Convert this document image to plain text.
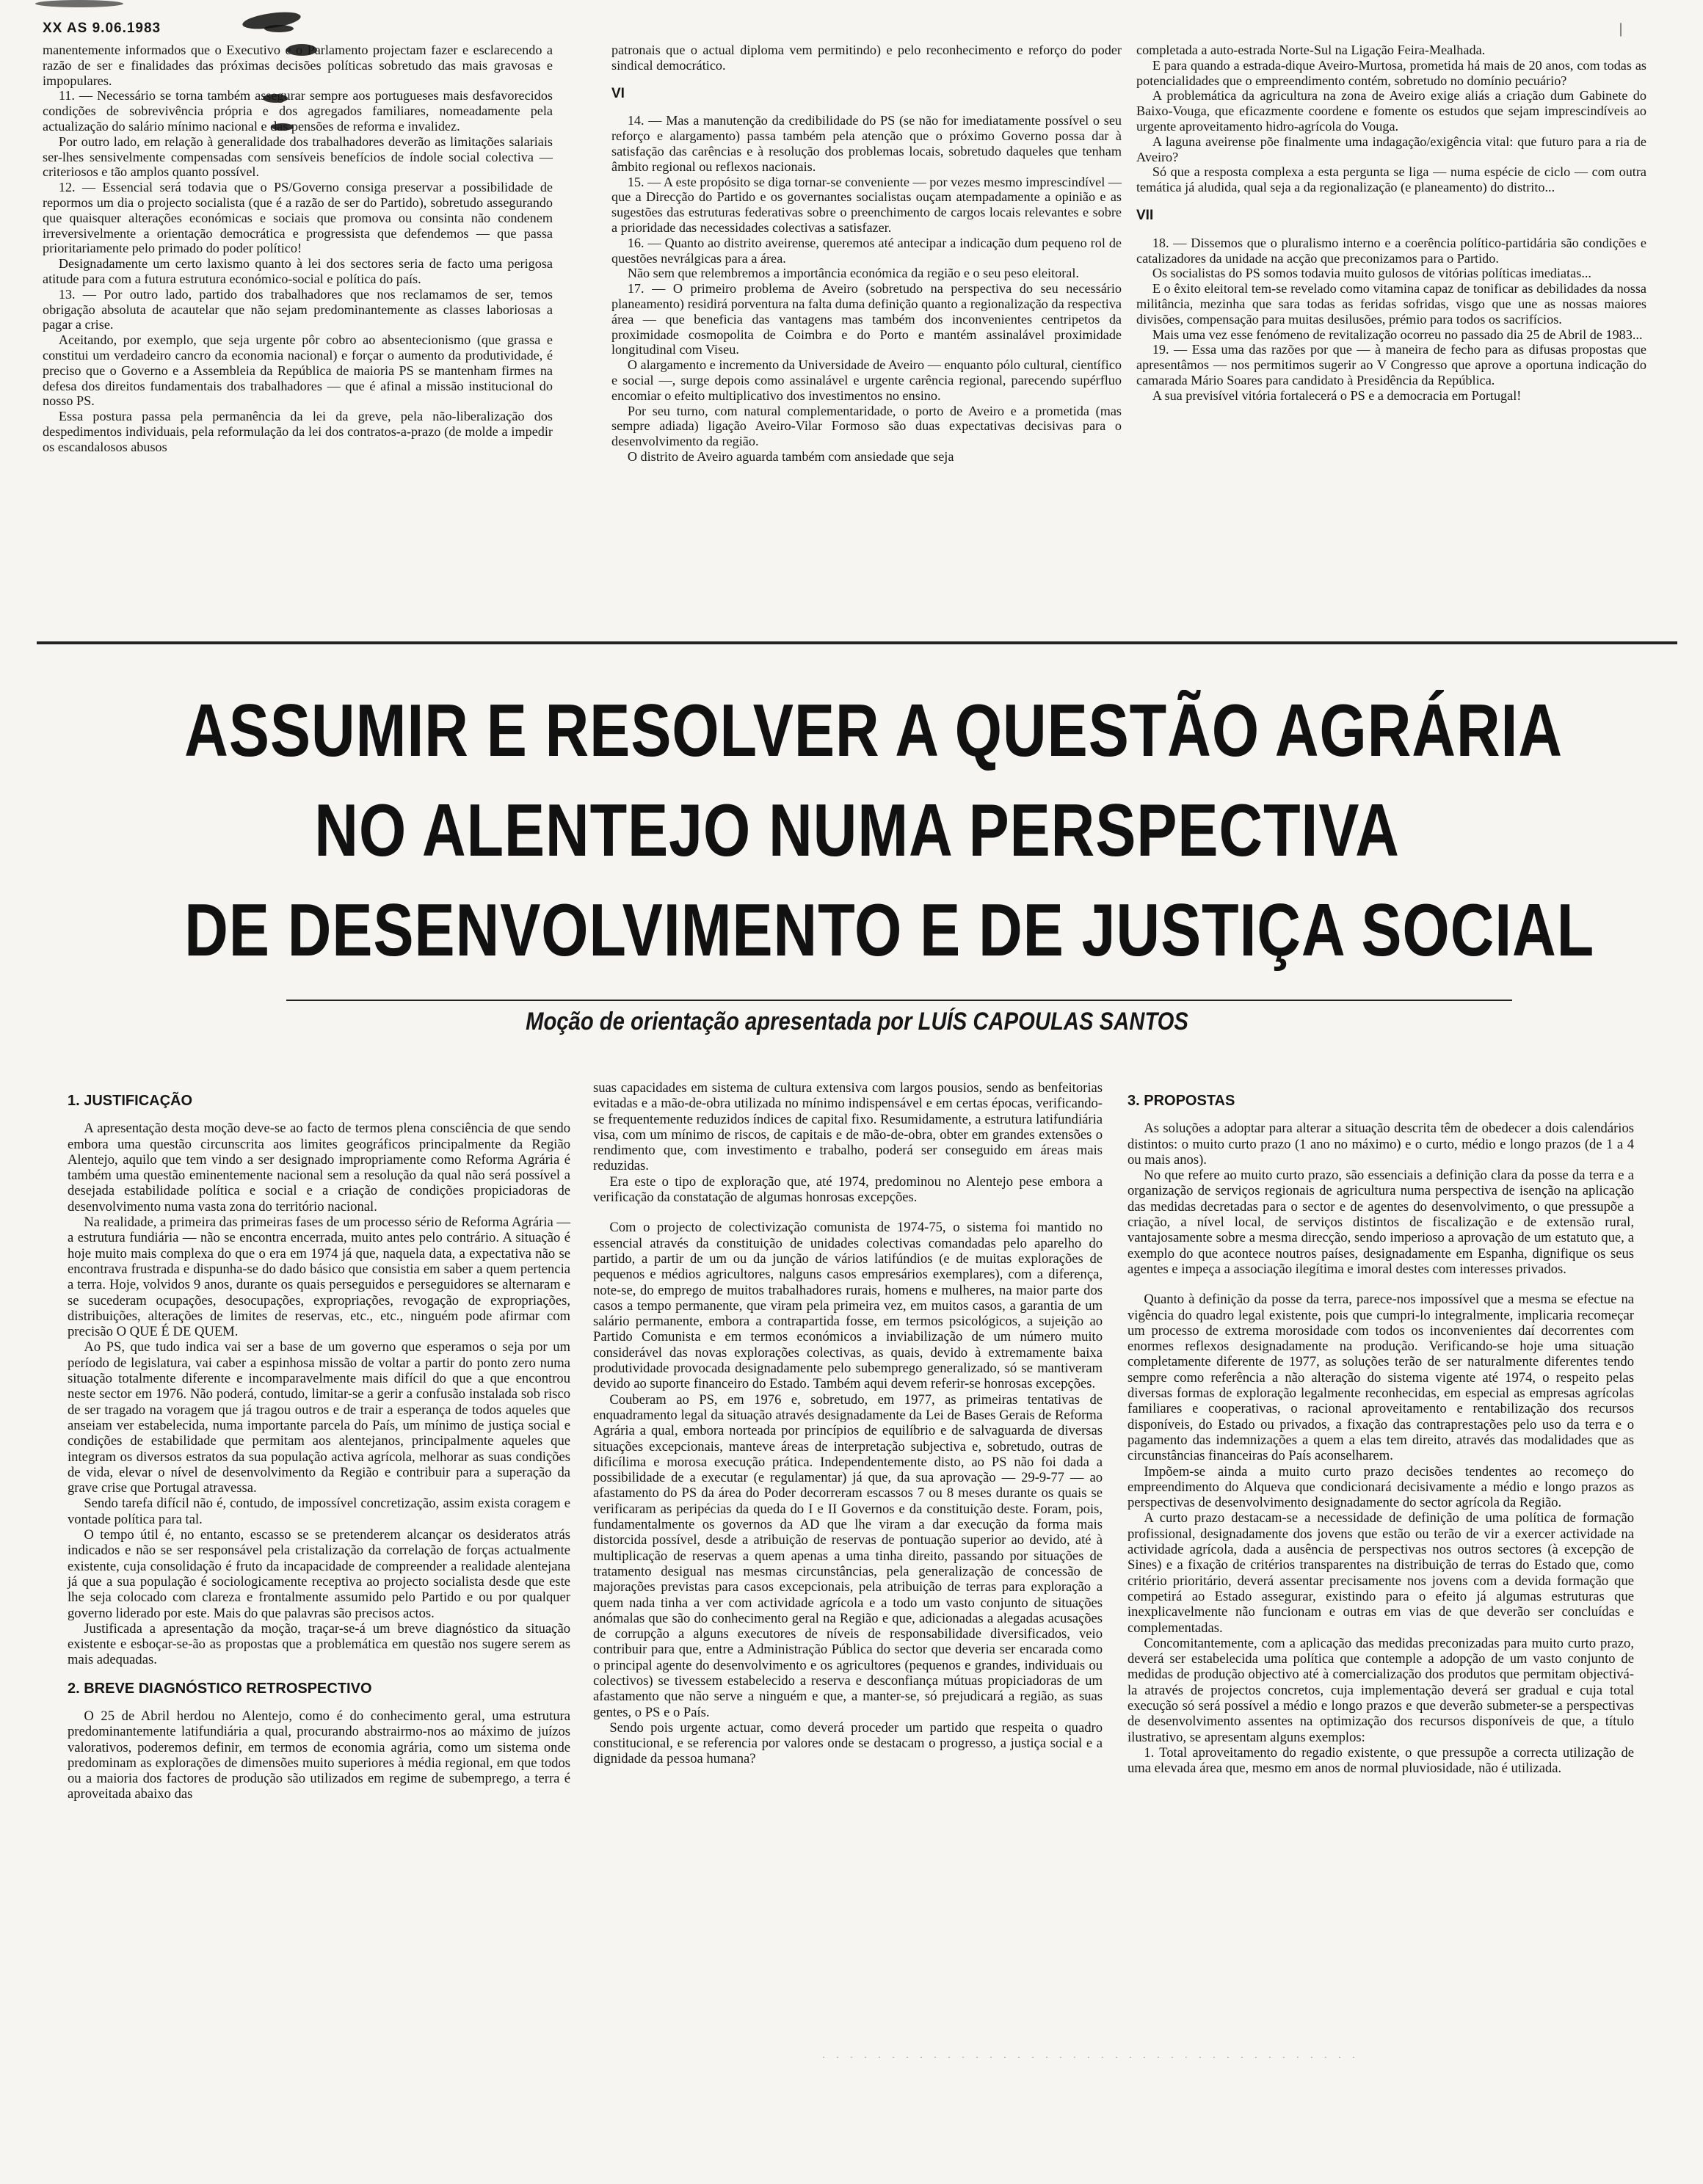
XX AS 9.06.1983	|

manentemente informados que o Executivo e o Parlamento projectam fazer e esclarecendo a razão de ser e finalidades das próximas decisões políticas sobretudo das mais gravosas e impopulares.

11. — Necessário se torna também assegurar sempre aos portugueses mais desfavorecidos condições de sobrevivência própria e dos agregados familiares, nomeadamente pela actualização do salário mínimo nacional e das pensões de reforma e invalidez.

Por outro lado, em relação à generalidade dos trabalhadores deverão as limitações salariais ser-lhes sensivelmente compensadas com sensíveis benefícios de índole social colectiva — criteriosos e tão amplos quanto possível.

12. — Essencial será todavia que o PS/Governo consiga preservar a possibilidade de repormos um dia o projecto socialista (que é a razão de ser do Partido), sobretudo assegurando que quaisquer alterações económicas e sociais que promova ou consinta não condenem irreversivelmente a orientação democrática e progressista que defendemos — que passa prioritariamente pelo primado do poder político!

Designadamente um certo laxismo quanto à lei dos sectores seria de facto uma perigosa atitude para com a futura estrutura económico-social e política do país.

13. — Por outro lado, partido dos trabalhadores que nos reclamamos de ser, temos obrigação absoluta de acautelar que não sejam predominantemente as classes laboriosas a pagar a crise.

Aceitando, por exemplo, que seja urgente pôr cobro ao absentecionismo (que grassa e constitui um verdadeiro cancro da economia nacional) e forçar o aumento da produtividade, é preciso que o Governo e a Assembleia da República de maioria PS se mantenham firmes na defesa dos direitos fundamentais dos trabalhadores — que é afinal a missão institucional do nosso PS.

Essa postura passa pela permanência da lei da greve, pela não-liberalização dos despedimentos individuais, pela reformulação da lei dos contratos-a-prazo (de molde a impedir os escandalosos abusos

patronais que o actual diploma vem permitindo) e pelo reconhecimento e reforço do poder sindical democrático.

VI

14. — Mas a manutenção da credibilidade do PS (se não for imediatamente possível o seu reforço e alargamento) passa também pela atenção que o próximo Governo possa dar à satisfação das carências e à resolução dos problemas locais, sobretudo daqueles que tenham âmbito regional ou reflexos nacionais.

15. — A este propósito se diga tornar-se conveniente — por vezes mesmo imprescindível — que a Direcção do Partido e os governantes socialistas ouçam atempadamente a opinião e as sugestões das estruturas federativas sobre o preenchimento de cargos locais relevantes e sobre a prioridade das necessidades colectivas a satisfazer.

16. — Quanto ao distrito aveirense, queremos até antecipar a indicação dum pequeno rol de questões nevrálgicas para a área.

Não sem que relembremos a importância económica da região e o seu peso eleitoral.

17. — O primeiro problema de Aveiro (sobretudo na perspectiva do seu necessário planeamento) residirá porventura na falta duma definição quanto a regionalização da respectiva área — que beneficia das vantagens mas também dos inconvenientes centripetos da proximidade cosmopolita de Coimbra e do Porto e mantém assinalável proximidade longitudinal com Viseu.

O alargamento e incremento da Universidade de Aveiro — enquanto pólo cultural, científico e social —, surge depois como assinalável e urgente carência regional, parecendo supérfluo encomiar o efeito multiplicativo dos investimentos no ensino.

Por seu turno, com natural complementaridade, o porto de Aveiro e a prometida (mas sempre adiada) ligação Aveiro-Vilar Formoso são duas expectativas decisivas para o desenvolvimento da região.

O distrito de Aveiro aguarda também com ansiedade que seja

completada a auto-estrada Norte-Sul na Ligação Feira-Mealhada.

E para quando a estrada-dique Aveiro-Murtosa, prometida há mais de 20 anos, com todas as potencialidades que o empreendimento contém, sobretudo no domínio pecuário?

A problemática da agricultura na zona de Aveiro exige aliás a criação dum Gabinete do Baixo-Vouga, que eficazmente coordene e fomente os estudos que sejam imprescindíveis ao urgente aproveitamento hidro-agrícola do Vouga.

A laguna aveirense põe finalmente uma indagação/exigência vital: que futuro para a ria de Aveiro?

Só que a resposta complexa a esta pergunta se liga — numa espécie de ciclo — com outra temática já aludida, qual seja a da regionalização (e planeamento) do distrito...

VII

18. — Dissemos que o pluralismo interno e a coerência político-partidária são condições e catalizadores da unidade na acção que preconizamos para o Partido.

Os socialistas do PS somos todavia muito gulosos de vitórias políticas imediatas...

E o êxito eleitoral tem-se revelado como vitamina capaz de tonificar as debilidades da nossa militância, mezinha que sara todas as feridas sofridas, visgo que une as nossas maiores divisões, compensação para muitas desilusões, prémio para todos os sacrifícios.

Mais uma vez esse fenómeno de revitalização ocorreu no passado dia 25 de Abril de 1983...

19. — Essa uma das razões por que — à maneira de fecho para as difusas propostas que apresentâmos — nos permitimos sugerir ao V Congresso que aprove a oportuna indicação do camarada Mário Soares para candidato à Presidência da República.

A sua previsível vitória fortalecerá o PS e a democracia em Portugal!

ASSUMIR E RESOLVER A QUESTÃO AGRÁRIA
NO ALENTEJO NUMA PERSPECTIVA
DE DESENVOLVIMENTO E DE JUSTIÇA SOCIAL
Moção de orientação apresentada por LUÍS CAPOULAS SANTOS
1. JUSTIFICAÇÃO

A apresentação desta moção deve-se ao facto de termos plena consciência de que sendo embora uma questão circunscrita aos limites geográficos principalmente da Região Alentejo, aquilo que tem vindo a ser designado impropriamente como Reforma Agrária é também uma questão eminentemente nacional sem a resolução da qual não será possível a desejada estabilidade política e social e a criação de condições propiciadoras de desenvolvimento numa vasta zona do território nacional.

Na realidade, a primeira das primeiras fases de um processo sério de Reforma Agrária — a estrutura fundiária — não se encontra encerrada, muito antes pelo contrário. A situação é hoje muito mais complexa do que o era em 1974 já que, naquela data, a expectativa não se encontrava frustrada e dispunha-se do dado básico que consistia em saber a quem pertencia a terra. Hoje, volvidos 9 anos, durante os quais perseguidos e perseguidores se alternaram e se sucederam ocupações, desocupações, expropriações, revogação de expropriações, distribuições, alterações de limites de reservas, etc., etc., ninguém pode afirmar com precisão O QUE É DE QUEM.

Ao PS, que tudo indica vai ser a base de um governo que esperamos o seja por um período de legislatura, vai caber a espinhosa missão de voltar a partir do ponto zero numa situação totalmente diferente e incomparavelmente mais difícil do que a que encontrou neste sector em 1976. Não poderá, contudo, limitar-se a gerir a confusão instalada sob risco de ser tragado na voragem que já tragou outros e de trair a esperança de todos aqueles que anseiam ver estabelecida, numa importante parcela do País, um mínimo de justiça social e condições de estabilidade que permitam aos alentejanos, principalmente aqueles que integram os diversos estratos da sua população activa agrícola, melhorar as suas condições de vida, elevar o nível de desenvolvimento da Região e contribuir para a superação da grave crise que Portugal atravessa.

Sendo tarefa difícil não é, contudo, de impossível concretização, assim exista coragem e vontade política para tal.

O tempo útil é, no entanto, escasso se se pretenderem alcançar os desideratos atrás indicados e não se ser responsável pela cristalização da correlação de forças actualmente existente, cuja consolidação é fruto da incapacidade de compreender a realidade alentejana já que a sua população é sociologicamente receptiva ao projecto socialista desde que este lhe seja colocado com clareza e frontalmente assumido pelo Partido e ou por qualquer governo liderado por este. Mais do que palavras são precisos actos.

Justificada a apresentação da moção, traçar-se-á um breve diagnóstico da situação existente e esboçar-se-ão as propostas que a problemática em questão nos sugere serem as mais adequadas.

2. BREVE DIAGNÓSTICO RETROSPECTIVO

O 25 de Abril herdou no Alentejo, como é do conhecimento geral, uma estrutura predominantemente latifundiária a qual, procurando abstrairmo-nos ao máximo de juízos valorativos, poderemos definir, em termos de economia agrária, como um sistema onde predominam as explorações de dimensões muito superiores à média regional, em que todos ou a maioria dos factores de produção são utilizados em regime de subemprego, a terra é aproveitada abaixo das

suas capacidades em sistema de cultura extensiva com largos pousios, sendo as benfeitorias evitadas e a mão-de-obra utilizada no mínimo indispensável e em certas épocas, verificando-se frequentemente reduzidos índices de capital fixo. Resumidamente, a estrutura latifundiária visa, com um mínimo de riscos, de capitais e de mão-de-obra, obter em grandes extensões o rendimento que, com investimento e trabalho, poderá ser conseguido em áreas mais reduzidas.

Era este o tipo de exploração que, até 1974, predominou no Alentejo pese embora a verificação da constatação de algumas honrosas excepções.

Com o projecto de colectivização comunista de 1974-75, o sistema foi mantido no essencial através da constituição de unidades colectivas comandadas pelo aparelho do partido, a partir de um ou da junção de vários latifúndios (e de muitas explorações de pequenos e médios agricultores, nalguns casos empresários exemplares), com a diferença, note-se, do emprego de muitos trabalhadores rurais, homens e mulheres, na maior parte dos casos a tempo permanente, que viram pela primeira vez, em muitos casos, a garantia de um salário permanente, embora a contrapartida fosse, em termos psicológicos, a sujeição ao Partido Comunista e em termos económicos a inviabilização de um número muito considerável das novas explorações colectivas, as quais, devido à extremamente baixa produtividade provocada designadamente pelo subemprego generalizado, só se mantiveram devido ao suporte financeiro do Estado. Também aqui devem referir-se honrosas excepções.

Couberam ao PS, em 1976 e, sobretudo, em 1977, as primeiras tentativas de enquadramento legal da situação através designadamente da Lei de Bases Gerais de Reforma Agrária a qual, embora norteada por princípios de equilíbrio e de salvaguarda de diversas situações excepcionais, manteve áreas de interpretação subjectiva e, sobretudo, outras de dificílima e morosa execução prática. Independentemente disto, ao PS não foi dada a possibilidade de a executar (e regulamentar) já que, da sua aprovação — 29-9-77 — ao afastamento do PS da área do Poder decorreram escassos 7 ou 8 meses durante os quais se verificaram as peripécias da queda do I e II Governos e da constituição deste. Foram, pois, fundamentalmente os governos da AD que lhe viram a dar execução da forma mais distorcida possível, desde a atribuição de reservas de pontuação superior ao devido, até à multiplicação de reservas a quem apenas a uma tinha direito, passando por situações de tratamento desigual nas mesmas circunstâncias, pela generalização de concessão de majorações previstas para casos excepcionais, pela atribuição de terras para exploração a quem nada tinha a ver com actividade agrícola e a todo um vasto conjunto de situações anómalas que são do conhecimento geral na Região e que, adicionadas a alegadas acusações de corrupção a alguns executores de níveis de responsabilidade diversificados, veio contribuir para que, entre a Administração Pública do sector que deveria ser encarada como o principal agente do desenvolvimento e os agricultores (pequenos e grandes, individuais ou colectivos) se tivessem estabelecido a reserva e desconfiança mútuas propiciadoras de um afastamento que não serve a ninguém e que, a manter-se, só prejudicará a região, as suas gentes, o PS e o País.

Sendo pois urgente actuar, como deverá proceder um partido que respeita o quadro constitucional, e se referencia por valores onde se destacam o progresso, a justiça social e a dignidade da pessoa humana?

3. PROPOSTAS

As soluções a adoptar para alterar a situação descrita têm de obedecer a dois calendários distintos: o muito curto prazo (1 ano no máximo) e o curto, médio e longo prazos (de 1 a 4 ou mais anos).

No que refere ao muito curto prazo, são essenciais a definição clara da posse da terra e a organização de serviços regionais de agricultura numa perspectiva de isenção na aplicação das medidas decretadas para o sector e de agentes do desenvolvimento, o que pressupõe a criação, a nível local, de serviços distintos de fiscalização e de extensão rural, vantajosamente sobre a mesma direcção, sendo imperioso a aprovação de um estatuto que, a exemplo do que acontece noutros países, designadamente em Espanha, dignifique os seus agentes e impeça a associação ilegítima e imoral destes com interesses privados.

Quanto à definição da posse da terra, parece-nos impossível que a mesma se efectue na vigência do quadro legal existente, pois que cumpri-lo integralmente, implicaria recomeçar um processo de extrema morosidade com todos os inconvenientes daí decorrentes com enormes reflexos designadamente na produção. Verificando-se hoje uma situação completamente diferente de 1977, as soluções terão de ser naturalmente diferentes tendo sempre como referência a não alteração do sistema vigente até 1974, o respeito pelas diversas formas de exploração legalmente reconhecidas, em especial as empresas agrícolas familiares e cooperativas, o racional aproveitamento e rentabilização dos recursos disponíveis, do Estado ou privados, a fixação das contraprestações pelo uso da terra e o pagamento das indemnizações a quem a elas tem direito, através das modalidades que as circunstâncias financeiras do País aconselharem.

Impõem-se ainda a muito curto prazo decisões tendentes ao recomeço do empreendimento do Alqueva que condicionará decisivamente a médio e longo prazos as perspectivas de desenvolvimento designadamente do sector agrícola da Região.

A curto prazo destacam-se a necessidade de definição de uma política de formação profissional, designadamente dos jovens que estão ou terão de vir a exercer actividade na actividade agrícola, dada a ausência de perspectivas nos outros sectores (à excepção de Sines) e a fixação de critérios transparentes na distribuição de terras do Estado que, como critério prioritário, deverá assentar precisamente nos jovens com a devida formação que competirá ao Estado assegurar, existindo para o efeito já algumas estruturas que inexplicavelmente não funcionam e outras em vias de que deverão ser concluídas e complementadas.

Concomitantemente, com a aplicação das medidas preconizadas para muito curto prazo, deverá ser estabelecida uma política que contemple a adopção de um vasto conjunto de medidas de produção objectivo até à comercialização dos produtos que permitam objectivá-la através de projectos concretos, cuja implementação deverá ser gradual e cuja total execução só será possível a médio e longo prazos e que deverão submeter-se a perspectivas de desenvolvimento assentes na optimização dos recursos disponíveis de que, a título ilustrativo, se apresentam alguns exemplos:

1. Total aproveitamento do regadio existente, o que pressupõe a correcta utilização de uma elevada área que, mesmo em anos de normal pluviosidade, não é utilizada.

· · · · · · · · · · · · · · · · · · · · · · · · · · · · · · · · · · · · · · ·
